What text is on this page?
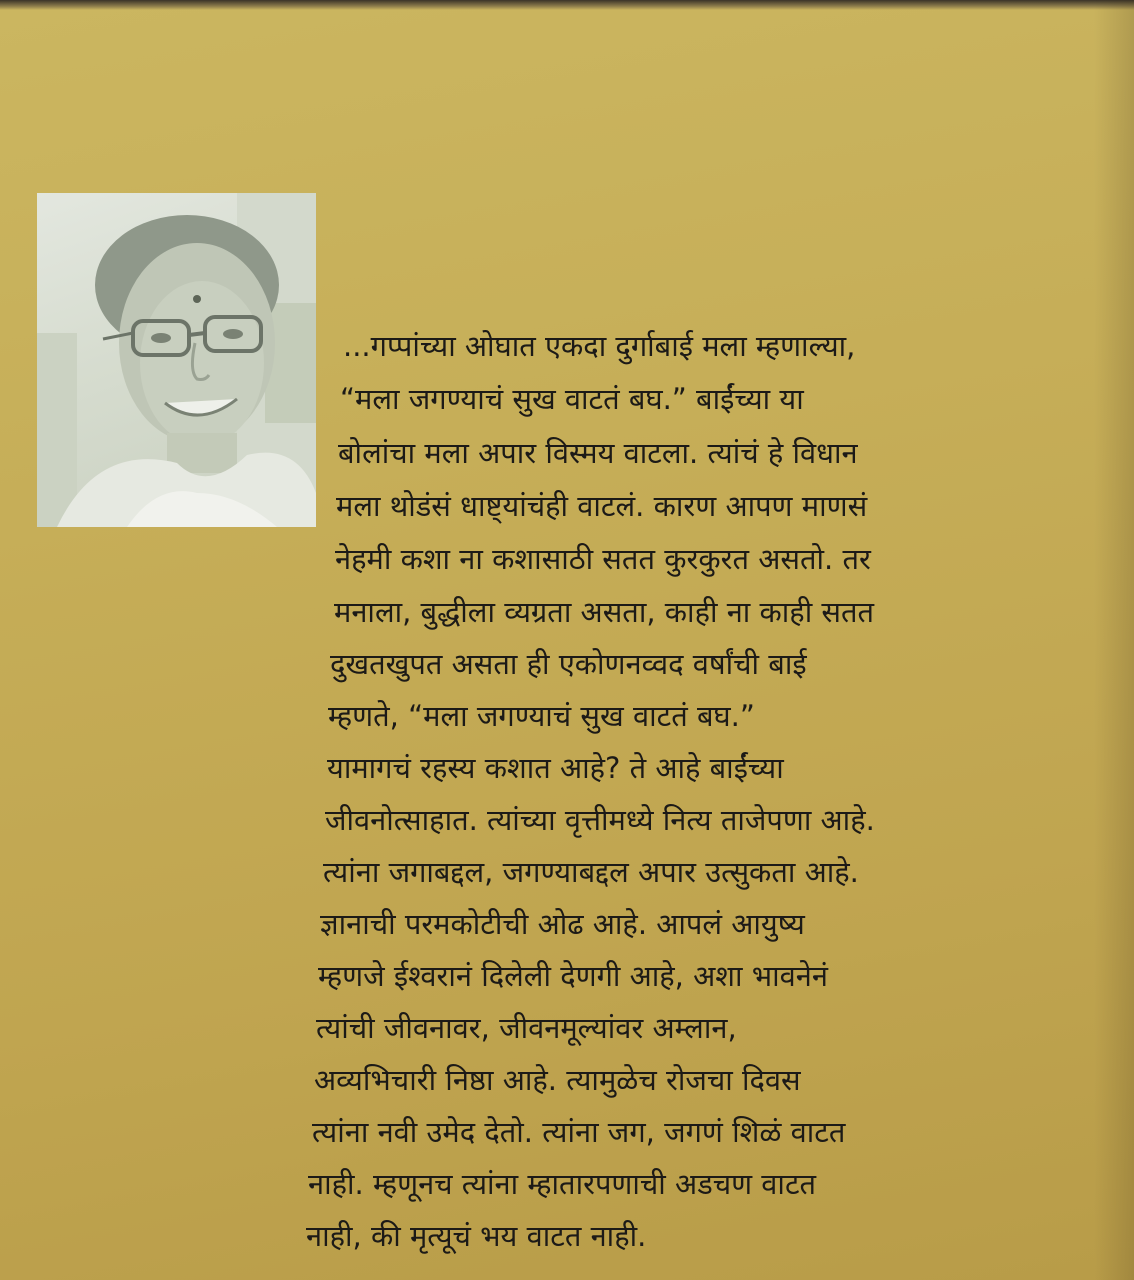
...गप्पांच्या ओघात एकदा दुर्गाबाई मला म्हणाल्या,
“मला जगण्याचं सुख वाटतं बघ.” बाईंच्या या
बोलांचा मला अपार विस्मय वाटला. त्यांचं हे विधान
मला थोडंसं धाष्ट्यांचंही वाटलं. कारण आपण माणसं
नेहमी कशा ना कशासाठी सतत कुरकुरत असतो. तर
मनाला, बुद्धीला व्यग्रता असता, काही ना काही सतत
दुखतखुपत असता ही एकोणनव्वद वर्षांची बाई
म्हणते, “मला जगण्याचं सुख वाटतं बघ.”
यामागचं रहस्य कशात आहे? ते आहे बाईंच्या
जीवनोत्साहात. त्यांच्या वृत्तीमध्ये नित्य ताजेपणा आहे.
त्यांना जगाबद्दल, जगण्याबद्दल अपार उत्सुकता आहे.
ज्ञानाची परमकोटीची ओढ आहे. आपलं आयुष्य
म्हणजे ईश्वरानं दिलेली देणगी आहे, अशा भावनेनं
त्यांची जीवनावर, जीवनमूल्यांवर अम्लान,
अव्यभिचारी निष्ठा आहे. त्यामुळेच रोजचा दिवस
त्यांना नवी उमेद देतो. त्यांना जग, जगणं शिळं वाटत
नाही. म्हणूनच त्यांना म्हातारपणाची अडचण वाटत
नाही, की मृत्यूचं भय वाटत नाही.
